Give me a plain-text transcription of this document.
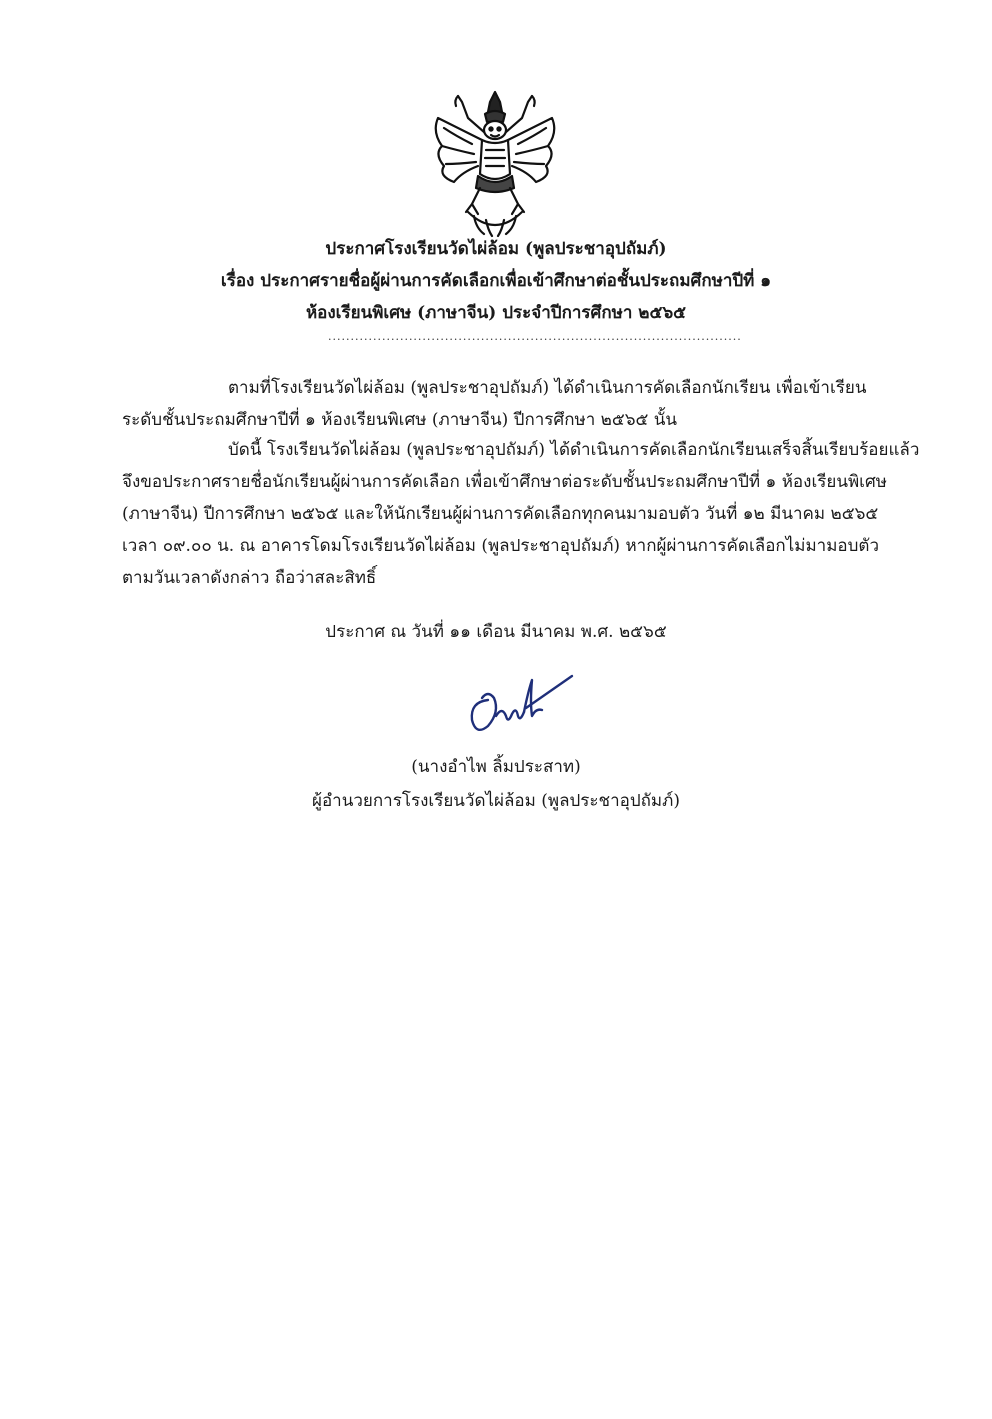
ประกาศโรงเรียนวัดไผ่ล้อม (พูลประชาอุปถัมภ์)
เรื่อง ประกาศรายชื่อผู้ผ่านการคัดเลือกเพื่อเข้าศึกษาต่อชั้นประถมศึกษาปีที่ ๑
ห้องเรียนพิเศษ (ภาษาจีน) ประจำปีการศึกษา ๒๕๖๕
............................................................................................
ตามที่โรงเรียนวัดไผ่ล้อม (พูลประชาอุปถัมภ์) ได้ดำเนินการคัดเลือกนักเรียน เพื่อเข้าเรียน
ระดับชั้นประถมศึกษาปีที่ ๑ ห้องเรียนพิเศษ (ภาษาจีน) ปีการศึกษา ๒๕๖๕ นั้น
บัดนี้ โรงเรียนวัดไผ่ล้อม (พูลประชาอุปถัมภ์) ได้ดำเนินการคัดเลือกนักเรียนเสร็จสิ้นเรียบร้อยแล้ว
จึงขอประกาศรายชื่อนักเรียนผู้ผ่านการคัดเลือก เพื่อเข้าศึกษาต่อระดับชั้นประถมศึกษาปีที่ ๑ ห้องเรียนพิเศษ
(ภาษาจีน) ปีการศึกษา ๒๕๖๕ และให้นักเรียนผู้ผ่านการคัดเลือกทุกคนมามอบตัว วันที่ ๑๒ มีนาคม ๒๕๖๕
เวลา ๐๙.๐๐ น. ณ อาคารโดมโรงเรียนวัดไผ่ล้อม (พูลประชาอุปถัมภ์) หากผู้ผ่านการคัดเลือกไม่มามอบตัว
ตามวันเวลาดังกล่าว ถือว่าสละสิทธิ์
ประกาศ ณ วันที่ ๑๑ เดือน มีนาคม พ.ศ. ๒๕๖๕
(นางอำไพ ลิ้มประสาท)
ผู้อำนวยการโรงเรียนวัดไผ่ล้อม (พูลประชาอุปถัมภ์)
